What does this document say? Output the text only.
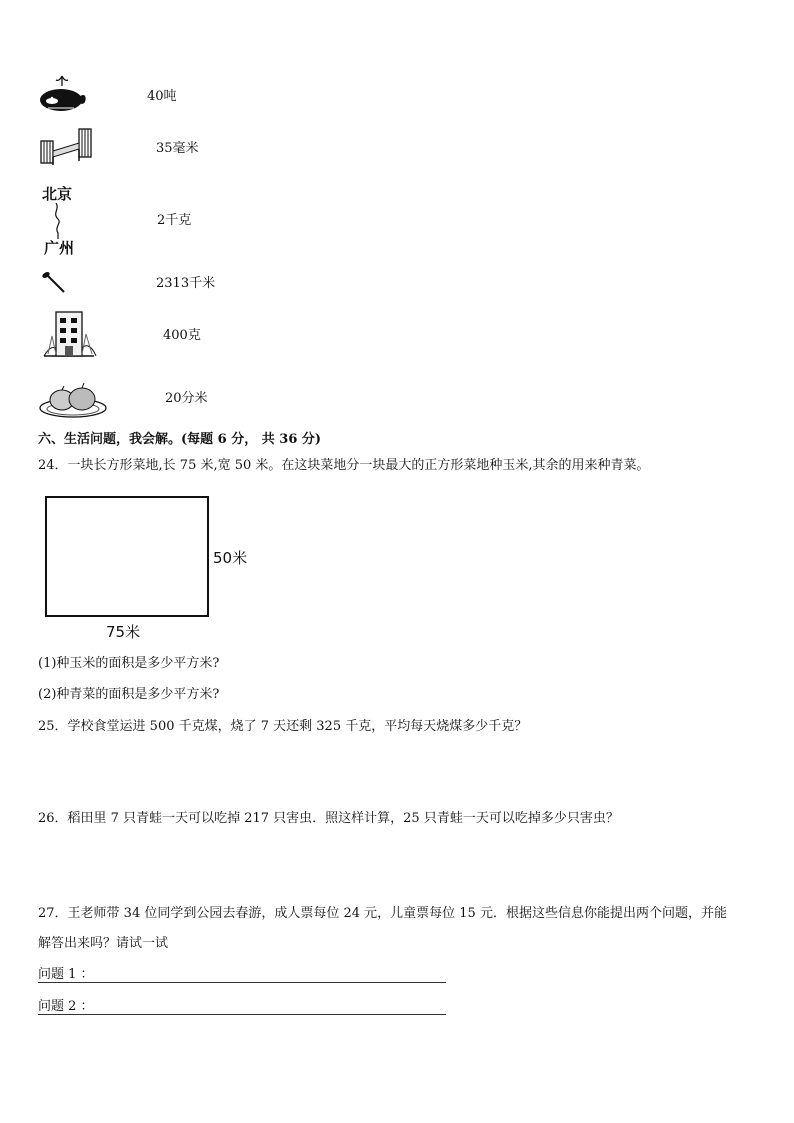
40吨
35毫米
北京
广州
2千克
2313千米
400克
20分米
六、生活问题，我会解。(每题 6 分， 共 36 分)
24．一块长方形菜地,长 75 米,宽 50 米。在这块菜地分一块最大的正方形菜地种玉米,其余的用来种青菜。
50米
75米
(1)种玉米的面积是多少平方米?
(2)种青菜的面积是多少平方米?
25．学校食堂运进 500 千克煤，烧了 7 天还剩 325 千克，平均每天烧煤多少千克？
26．稻田里 7 只青蛙一天可以吃掉 217 只害虫．照这样计算，25 只青蛙一天可以吃掉多少只害虫？
27．王老师带 34 位同学到公园去春游，成人票每位 24 元，儿童票每位 15 元．根据这些信息你能提出两个问题，并能
解答出来吗？请试一试
问题 1 ：
问题 2 ：
